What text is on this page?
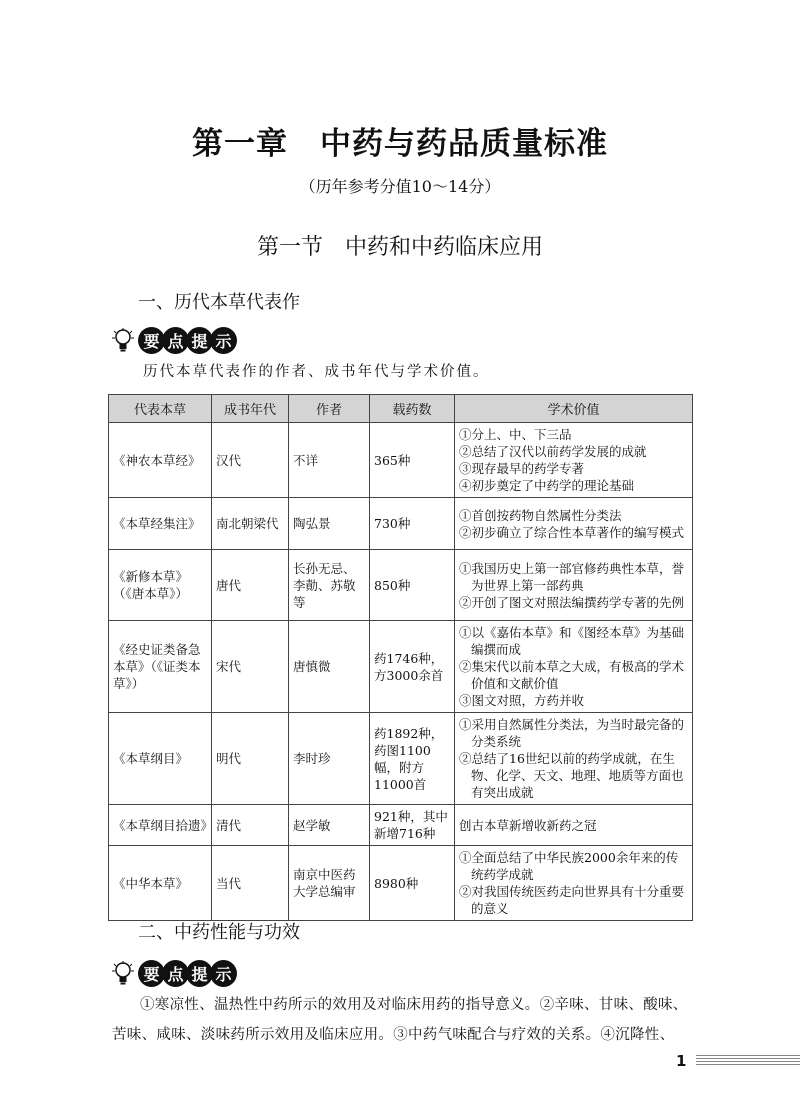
第一章　中药与药品质量标准
（历年参考分值10～14分）
第一节　中药和中药临床应用
一、历代本草代表作
要 点 提 示
历代本草代表作的作者、成书年代与学术价值。
代表本草	成书年代	作者	载药数	学术价值
《神农本草经》	汉代	不详	365种	①分上、中、下三品
②总结了汉代以前药学发展的成就
③现存最早的药学专著
④初步奠定了中药学的理论基础

《本草经集注》	南北朝梁代	陶弘景	730种	①首创按药物自然属性分类法
②初步确立了综合性本草著作的编写模式

《新修本草》（《唐本草》）	唐代	长孙无忌、李勣、苏敬等	850种	①我国历史上第一部官修药典性本草，誉为世界上第一部药典
②开创了图文对照法编撰药学专著的先例

《经史证类备急本草》（《证类本草》）	宋代	唐慎微	药1746种，方3000余首	①以《嘉佑本草》和《图经本草》为基础编撰而成
②集宋代以前本草之大成，有极高的学术价值和文献价值
③图文对照，方药并收

《本草纲目》	明代	李时珍	药1892种，药图1100幅，附方11000首	①采用自然属性分类法，为当时最完备的分类系统
②总结了16世纪以前的药学成就，在生物、化学、天文、地理、地质等方面也有突出成就

《本草纲目拾遗》	清代	赵学敏	921种，其中新增716种	创古本草新增收新药之冠
《中华本草》	当代	南京中医药大学总编审	8980种	①全面总结了中华民族2000余年来的传统药学成就
②对我国传统医药走向世界具有十分重要的意义
二、中药性能与功效
要 点 提 示
①寒凉性、温热性中药所示的效用及对临床用药的指导意义。②辛味、甘味、酸味、苦味、咸味、淡味药所示效用及临床应用。③中药气味配合与疗效的关系。④沉降性、
1
